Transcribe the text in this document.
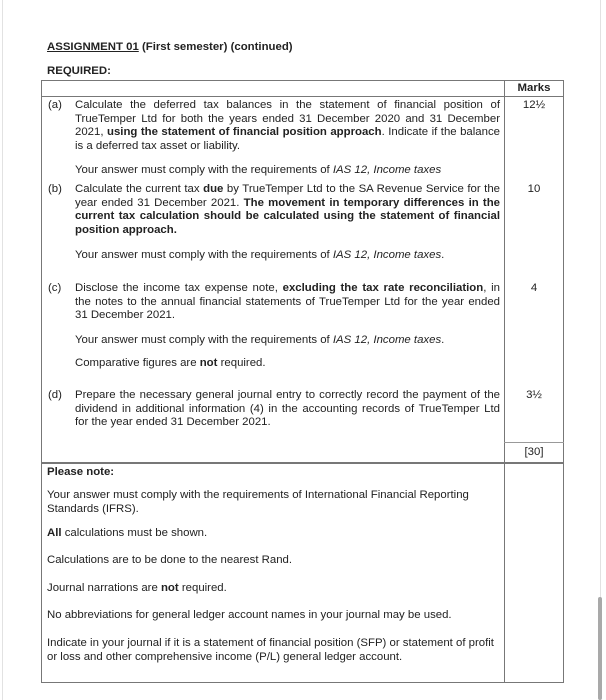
ASSIGNMENT 01 (First semester) (continued)
REQUIRED:
Marks
(a)	12½
Calculate the deferred tax balances in the statement of financial position of TrueTemper Ltd for both the years ended 31 December 2020 and 31 December 2021, using the statement of financial position approach. Indicate if the balance is a deferred tax asset or liability.
Your answer must comply with the requirements of IAS 12, Income taxes
(b)	10
Calculate the current tax due by TrueTemper Ltd to the SA Revenue Service for the year ended 31 December 2021. The movement in temporary differences in the current tax calculation should be calculated using the statement of financial position approach.
Your answer must comply with the requirements of IAS 12, Income taxes.
(c)	4
Disclose the income tax expense note, excluding the tax rate reconciliation, in the notes to the annual financial statements of TrueTemper Ltd for the year ended 31 December 2021.
Your answer must comply with the requirements of IAS 12, Income taxes.
Comparative figures are not required.
(d)	3½
Prepare the necessary general journal entry to correctly record the payment of the dividend in additional information (4) in the accounting records of TrueTemper Ltd for the year ended 31 December 2021.
[30]
Please note:
Your answer must comply with the requirements of International Financial Reporting Standards (IFRS).
All calculations must be shown.
Calculations are to be done to the nearest Rand.
Journal narrations are not required.
No abbreviations for general ledger account names in your journal may be used.
Indicate in your journal if it is a statement of financial position (SFP) or statement of profit or loss and other comprehensive income (P/L) general ledger account.
